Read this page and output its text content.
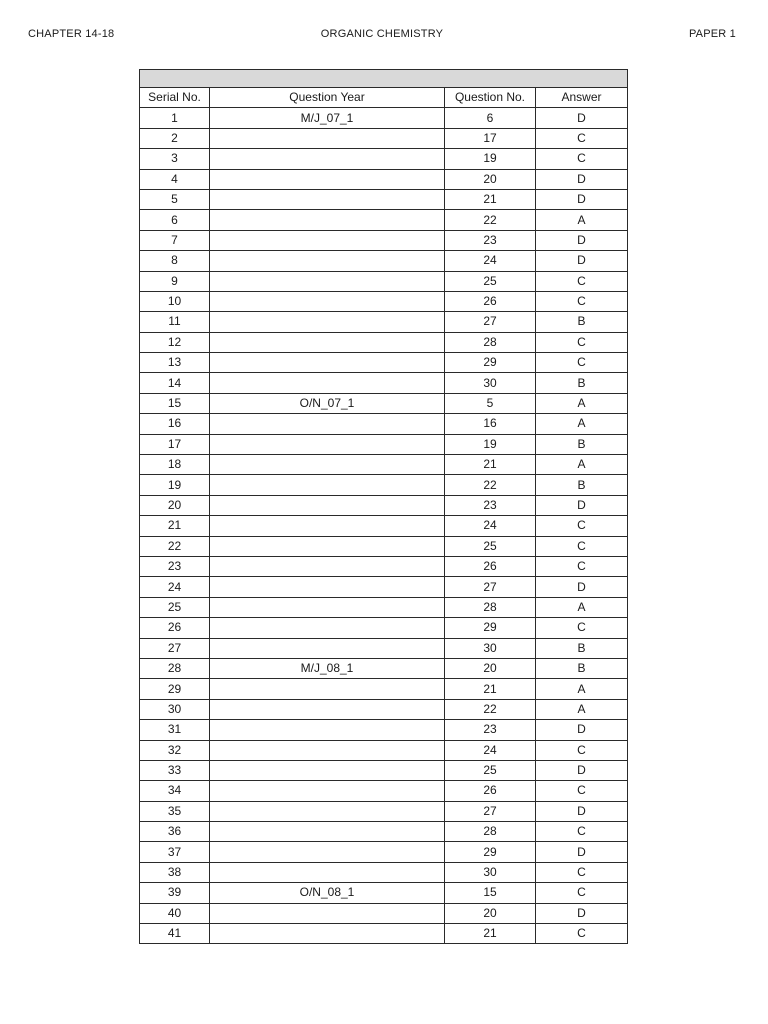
CHAPTER 14-18	ORGANIC CHEMISTRY	PAPER 1

Serial No.	Question Year	Question No.	Answer
1	M/J_07_1	6	D
2		17	C
3		19	C
4		20	D
5		21	D
6		22	A
7		23	D
8		24	D
9		25	C
10		26	C
11		27	B
12		28	C
13		29	C
14		30	B
15	O/N_07_1	5	A
16		16	A
17		19	B
18		21	A
19		22	B
20		23	D
21		24	C
22		25	C
23		26	C
24		27	D
25		28	A
26		29	C
27		30	B
28	M/J_08_1	20	B
29		21	A
30		22	A
31		23	D
32		24	C
33		25	D
34		26	C
35		27	D
36		28	C
37		29	D
38		30	C
39	O/N_08_1	15	C
40		20	D
41		21	C
